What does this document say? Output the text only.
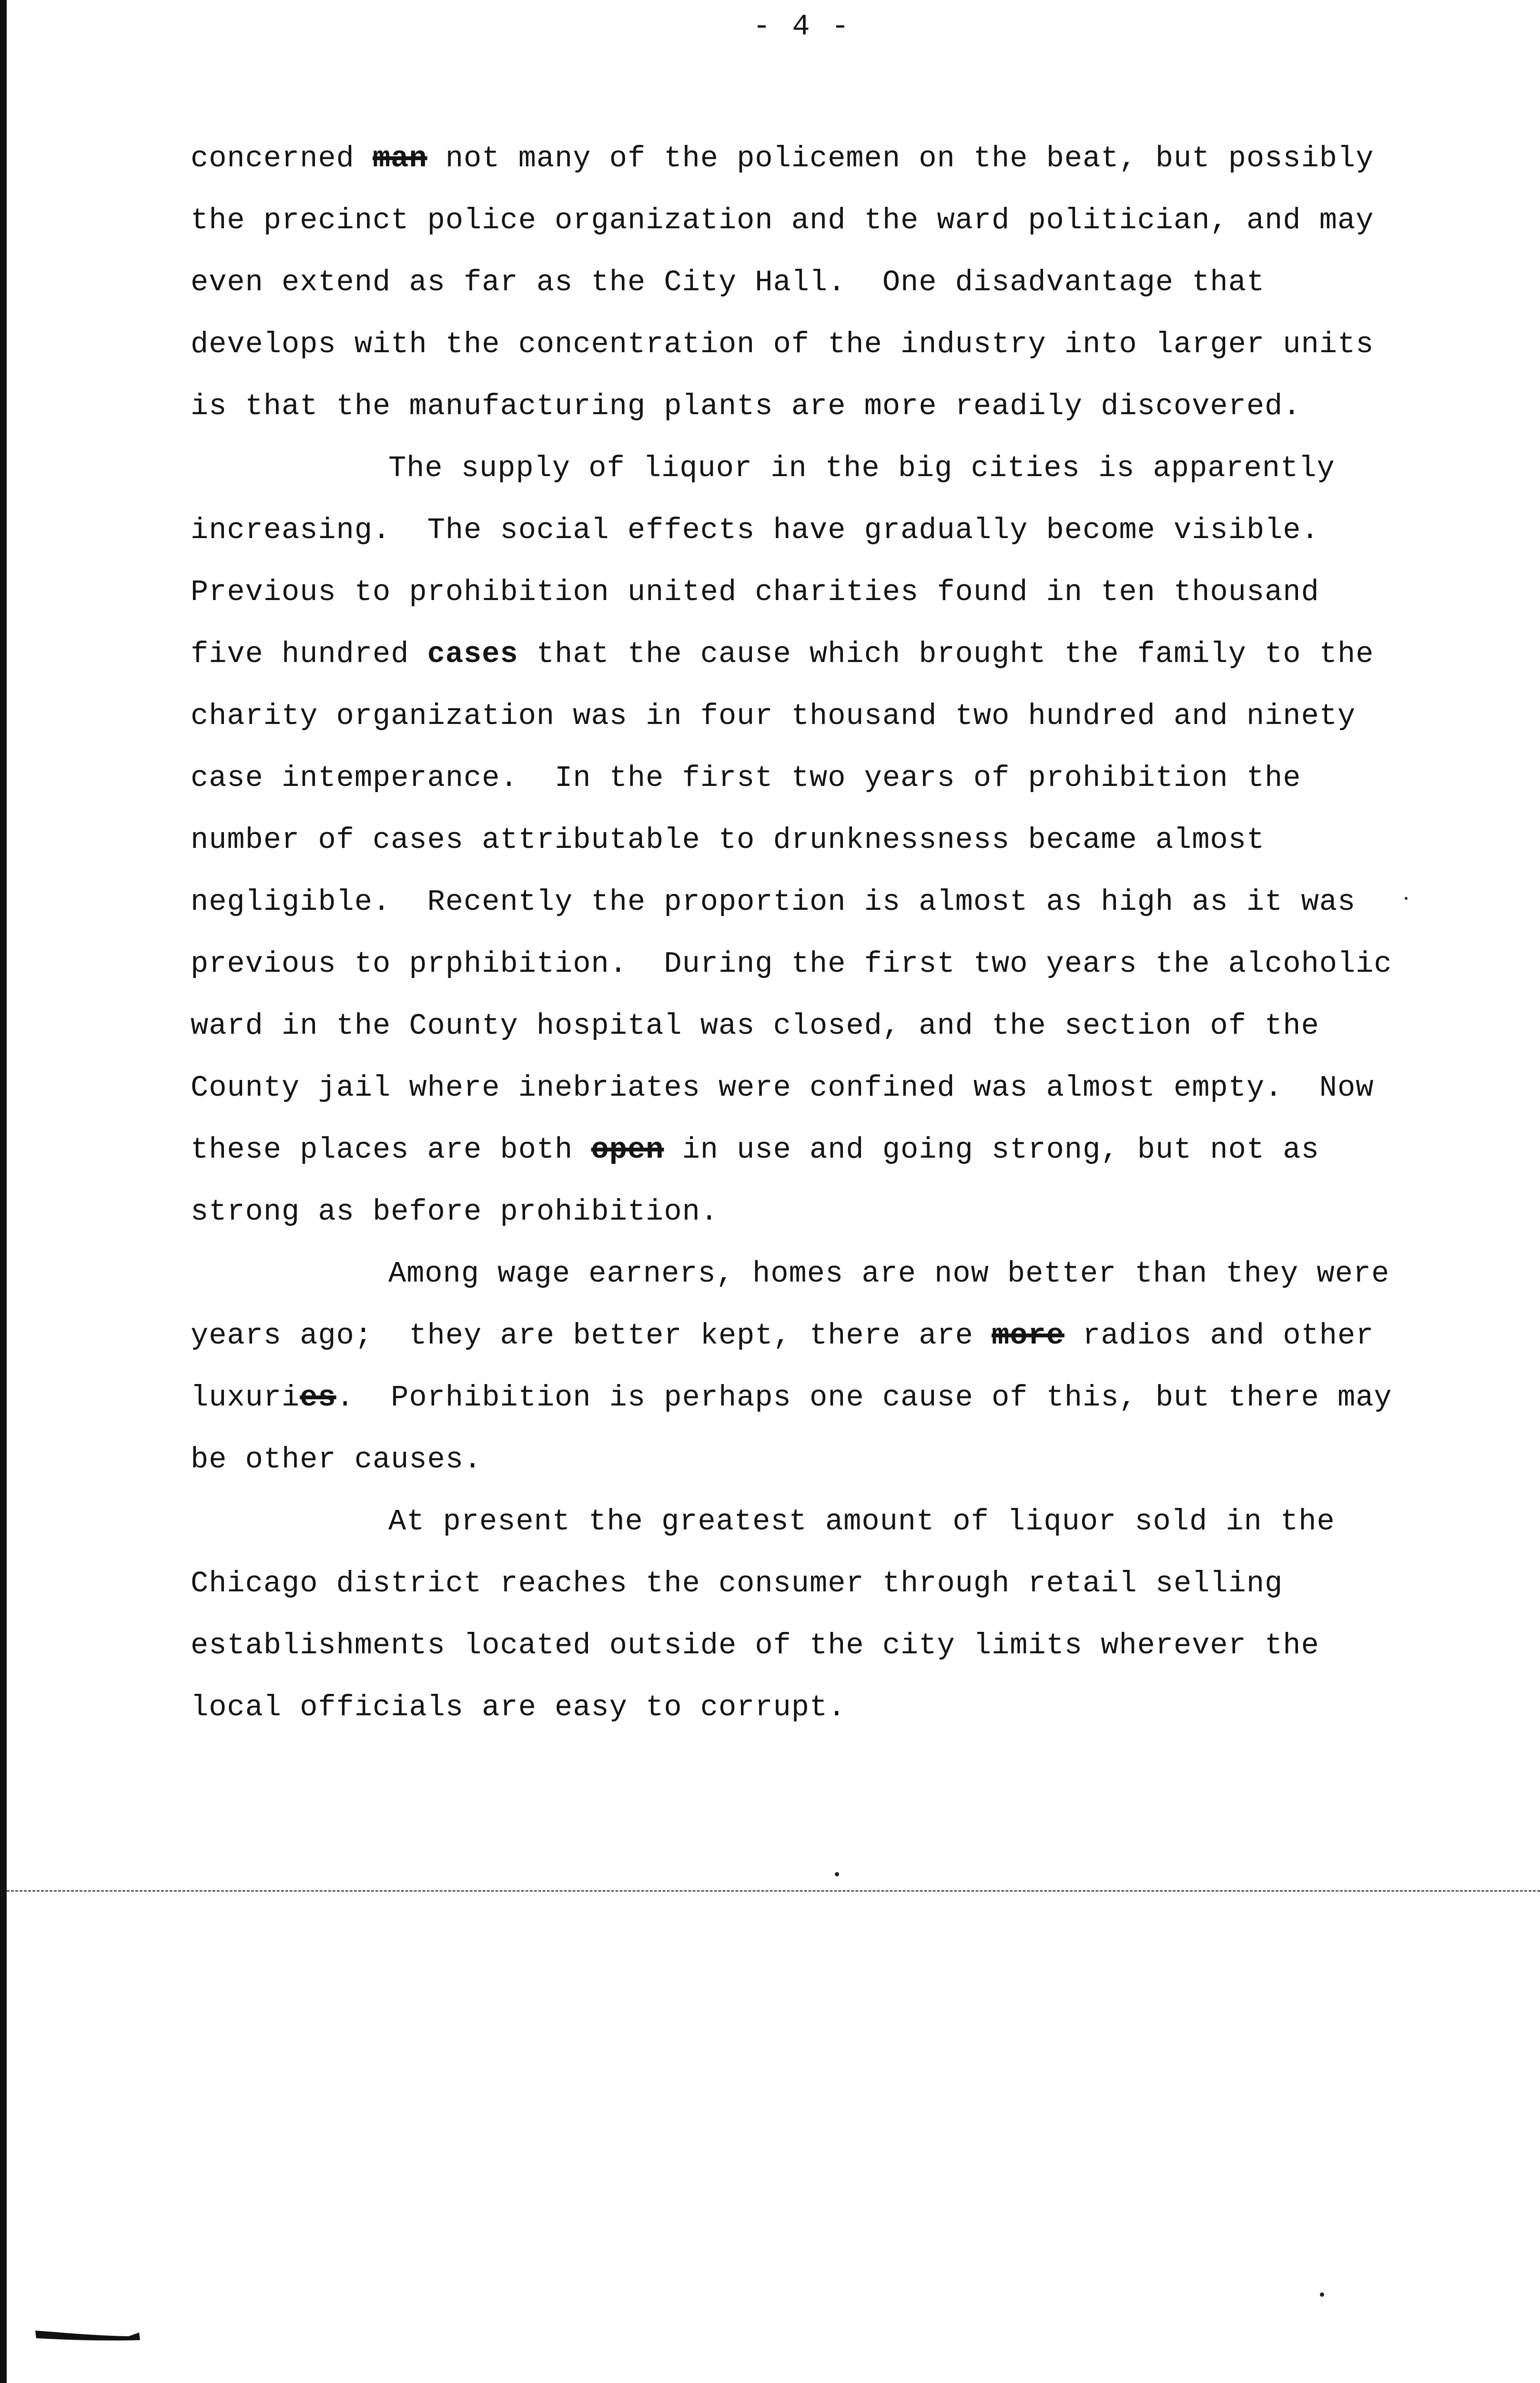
- 4 -
concerned man not many of the policemen on the beat, but possibly
the precinct police organization and the ward politician, and may
even extend as far as the City Hall.  One disadvantage that
develops with the concentration of the industry into larger units
is that the manufacturing plants are more readily discovered.
The supply of liquor in the big cities is apparently
increasing.  The social effects have gradually become visible.
Previous to prohibition united charities found in ten thousand
five hundred cases that the cause which brought the family to the
charity organization was in four thousand two hundred and ninety
case intemperance.  In the first two years of prohibition the
number of cases attributable to drunknessness became almost
negligible.  Recently the proportion is almost as high as it was
previous to prphibition.  During the first two years the alcoholic
ward in the County hospital was closed, and the section of the
County jail where inebriates were confined was almost empty.  Now
these places are both open in use and going strong, but not as
strong as before prohibition.
Among wage earners, homes are now better than they were
years ago;  they are better kept, there are more radios and other
luxuries.  Porhibition is perhaps one cause of this, but there may
be other causes.
At present the greatest amount of liquor sold in the
Chicago district reaches the consumer through retail selling
establishments located outside of the city limits wherever the
local officials are easy to corrupt.
